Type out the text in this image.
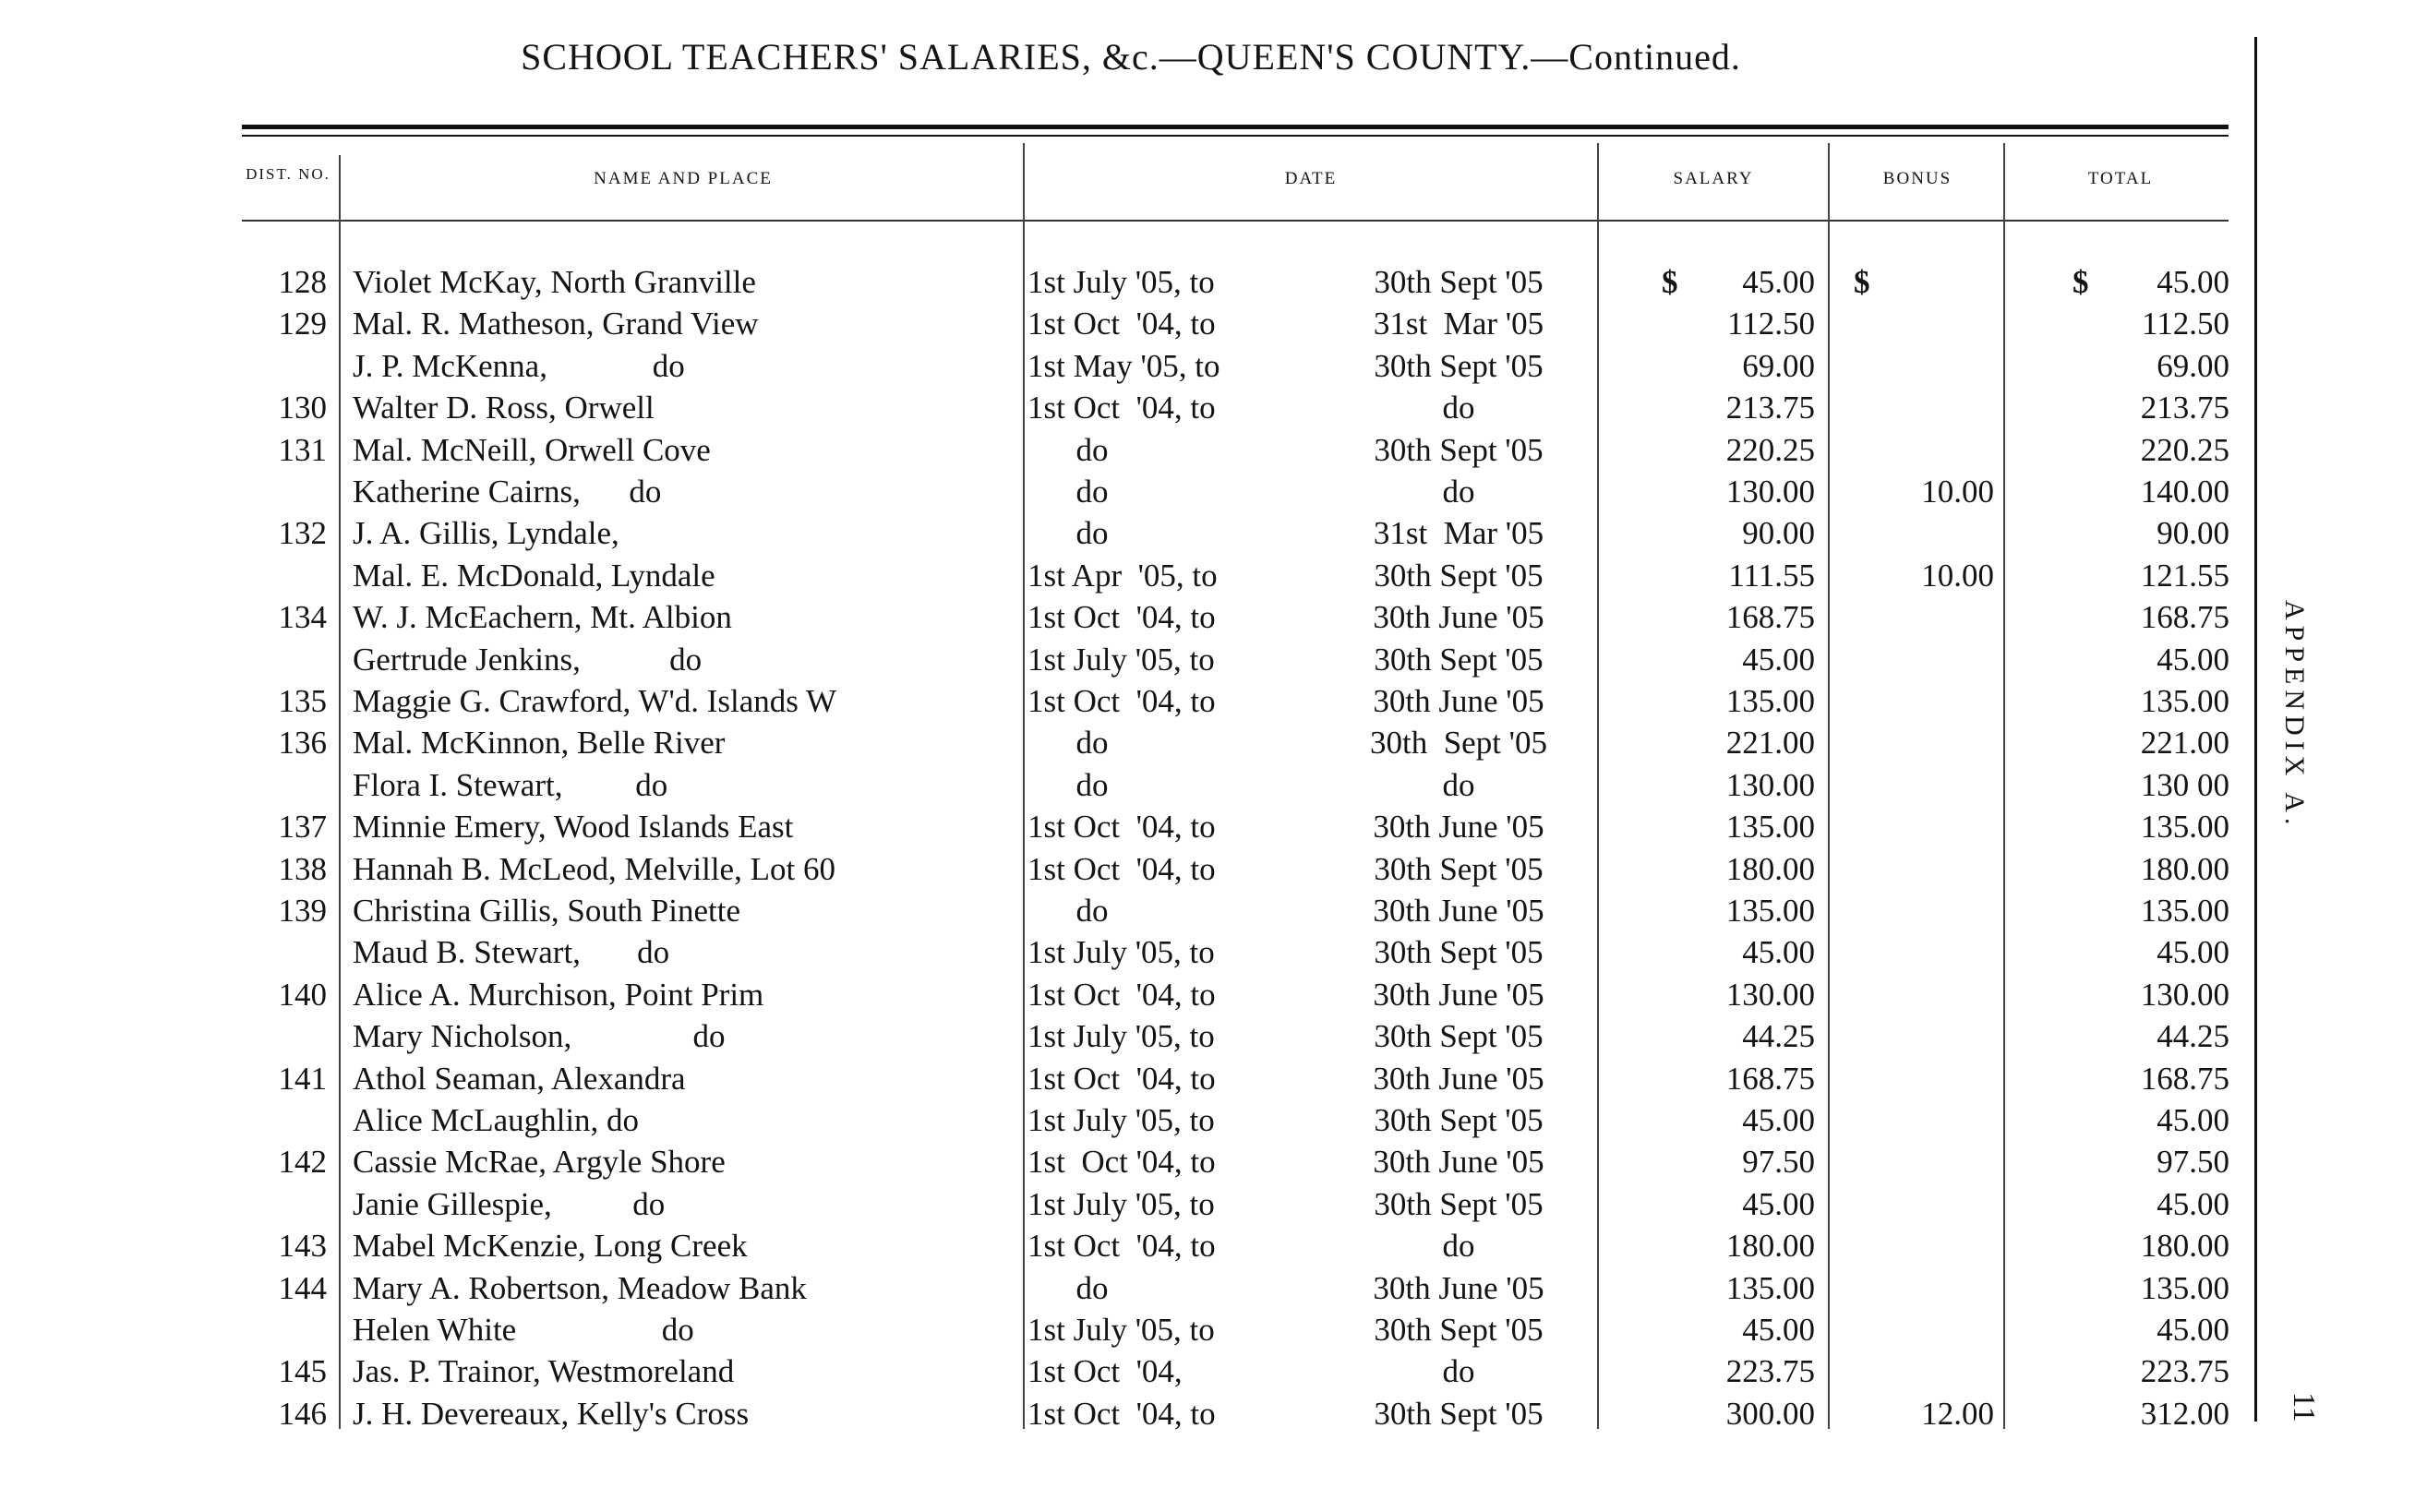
SCHOOL TEACHERS' SALARIES, &c.—QUEEN'S COUNTY.—Continued.
DIST. NO.	NAME AND PLACE	DATE	SALARY	BONUS	TOTAL
128 Violet McKay, North Granville	1st July '05, to	30th Sept '05	45.00	45.00
129 Mal. R. Matheson, Grand View	1st Oct  '04, to	31st  Mar '05	112.50	112.50
J. P. McKenna,             do	1st May '05, to	30th Sept '05	69.00	69.00
130 Walter D. Ross, Orwell	1st Oct  '04, to	do	213.75	213.75
131 Mal. McNeill, Orwell Cove	do	30th Sept '05	220.25	220.25
Katherine Cairns,      do	do	do	130.00	10.00	140.00
132 J. A. Gillis, Lyndale,	do	31st  Mar '05	90.00	90.00
Mal. E. McDonald, Lyndale	1st Apr  '05, to	30th Sept '05	111.55	10.00	121.55
134 W. J. McEachern, Mt. Albion	1st Oct  '04, to	30th June '05	168.75	168.75
Gertrude Jenkins,           do	1st July '05, to	30th Sept '05	45.00	45.00
135 Maggie G. Crawford, W'd. Islands W	1st Oct  '04, to	30th June '05	135.00	135.00
136 Mal. McKinnon, Belle River	do	30th  Sept '05	221.00	221.00
Flora I. Stewart,         do	do	do	130.00	130 00
137 Minnie Emery, Wood Islands East	1st Oct  '04, to	30th June '05	135.00	135.00
138 Hannah B. McLeod, Melville, Lot 60	1st Oct  '04, to	30th Sept '05	180.00	180.00
139 Christina Gillis, South Pinette	do	30th June '05	135.00	135.00
Maud B. Stewart,       do	1st July '05, to	30th Sept '05	45.00	45.00
140 Alice A. Murchison, Point Prim	1st Oct  '04, to	30th June '05	130.00	130.00
Mary Nicholson,               do	1st July '05, to	30th Sept '05	44.25	44.25
141 Athol Seaman, Alexandra	1st Oct  '04, to	30th June '05	168.75	168.75
Alice McLaughlin, do	1st July '05, to	30th Sept '05	45.00	45.00
142 Cassie McRae, Argyle Shore	1st  Oct '04, to	30th June '05	97.50	97.50
Janie Gillespie,          do	1st July '05, to	30th Sept '05	45.00	45.00
143 Mabel McKenzie, Long Creek	1st Oct  '04, to	do	180.00	180.00
144 Mary A. Robertson, Meadow Bank	do	30th June '05	135.00	135.00
Helen White                  do	1st July '05, to	30th Sept '05	45.00	45.00
145 Jas. P. Trainor, Westmoreland	1st Oct  '04,	do	223.75	223.75
146 J. H. Devereaux, Kelly's Cross	1st Oct  '04, to	30th Sept '05	300.00	12.00	312.00
$	$	$
APPENDIX A.
11
